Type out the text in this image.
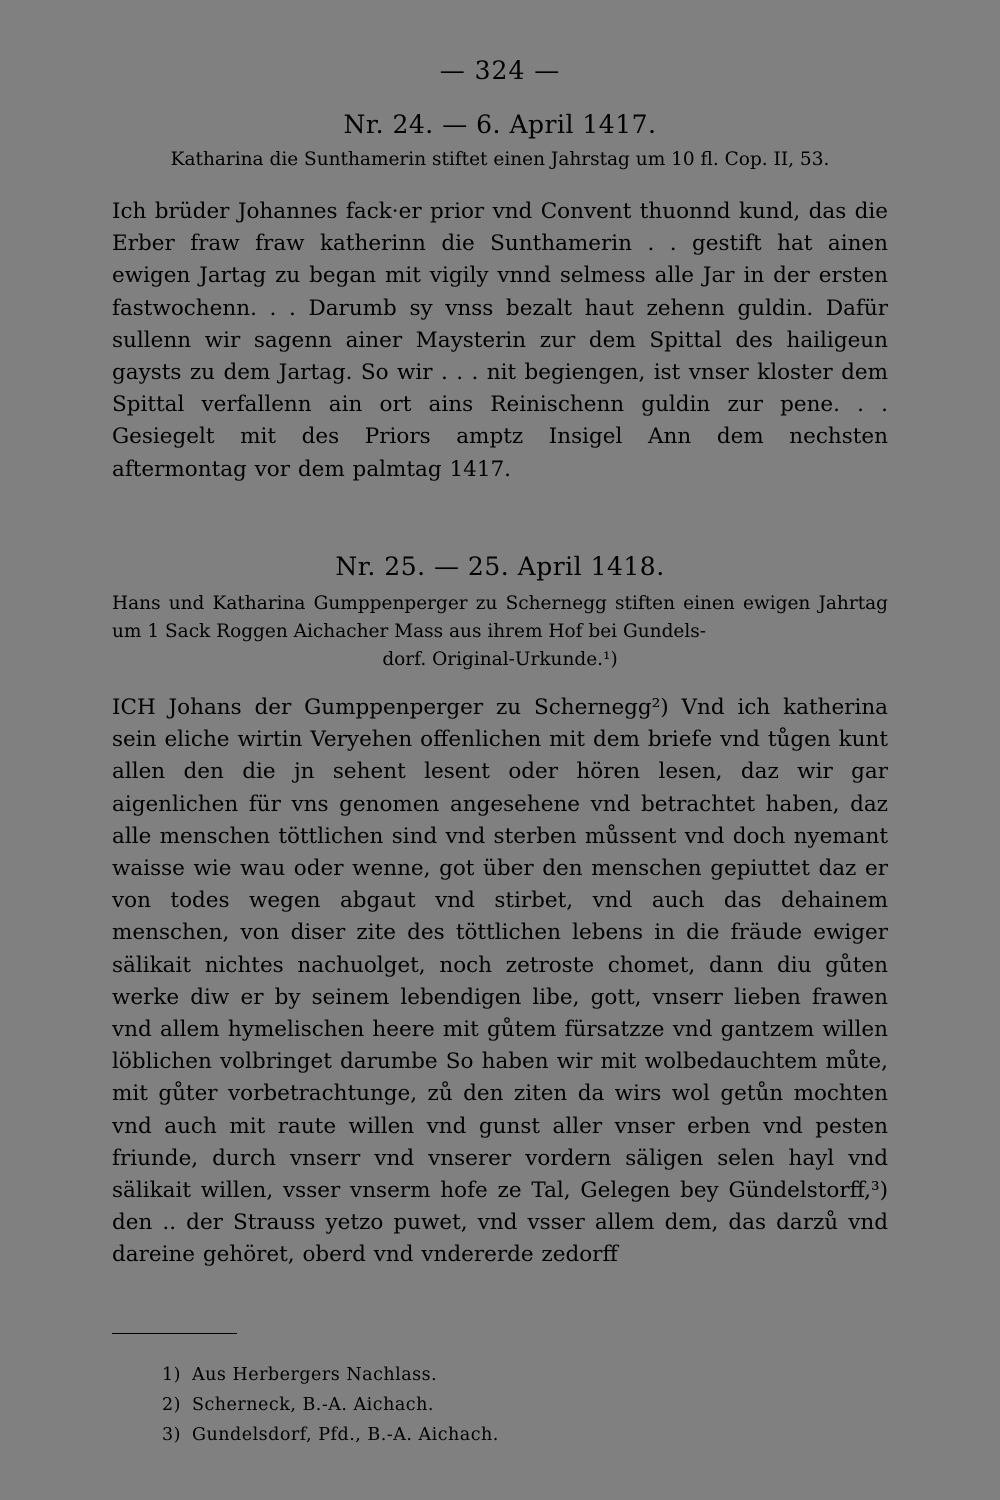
— 324 —
Nr. 24. — 6. April 1417.
Katharina die Sunthamerin stiftet einen Jahrstag um 10 fl. Cop. II, 53.

Ich brüder Johannes fack·er prior vnd Convent thuonnd kund, das die Erber fraw fraw katherinn die Sunthamerin . . gestift hat ainen ewigen Jartag zu began mit vigily vnnd selmess alle Jar in der ersten fastwochenn. . . Darumb sy vnss bezalt haut zehenn guldin. Dafür sullenn wir sagenn ainer Maysterin zur dem Spittal des hailigeun gaysts zu dem Jartag. So wir . . . nit begiengen, ist vnser kloster dem Spittal verfallenn ain ort ains Reinischenn guldin zur pene. . . Gesiegelt mit des Priors amptz Insigel Ann dem nechsten aftermontag vor dem palmtag 1417.

Nr. 25. — 25. April 1418.
Hans und Katharina Gumppenperger zu Schernegg stiften einen ewigen Jahrtag um 1 Sack Roggen Aichacher Mass aus ihrem Hof bei Gundels-
dorf. Original-Urkunde.¹)

ICH Johans der Gumppenperger zu Schernegg²) Vnd ich katherina sein eliche wirtin Veryehen offenlichen mit dem briefe vnd tůgen kunt allen den die jn sehent lesent oder hören lesen, daz wir gar aigenlichen für vns genomen angesehene vnd betrachtet haben, daz alle menschen töttlichen sind vnd sterben můssent vnd doch nyemant waisse wie wau oder wenne, got über den menschen gepiuttet daz er von todes wegen abgaut vnd stirbet, vnd auch das dehainem menschen, von diser zite des töttlichen lebens in die fräude ewiger sälikait nichtes nachuolget, noch zetroste chomet, dann diu gůten werke diw er by seinem lebendigen libe, gott, vnserr lieben frawen vnd allem hymelischen heere mit gůtem fürsatzze vnd gantzem willen löblichen volbringet darumbe So haben wir mit wolbedauchtem můte, mit gůter vorbetrachtunge, zů den ziten da wirs wol getůn mochten vnd auch mit raute willen vnd gunst aller vnser erben vnd pesten friunde, durch vnserr vnd vnserer vordern säligen selen hayl vnd sälikait willen, vsser vnserm hofe ze Tal, Gelegen bey Gündelstorff,³) den .. der Strauss yetzo puwet, vnd vsser allem dem, das darzů vnd dareine gehöret, oberd vnd vndererde zedorff

1) Aus Herbergers Nachlass.
2) Scherneck, B.-A. Aichach.
3) Gundelsdorf, Pfd., B.-A. Aichach.
